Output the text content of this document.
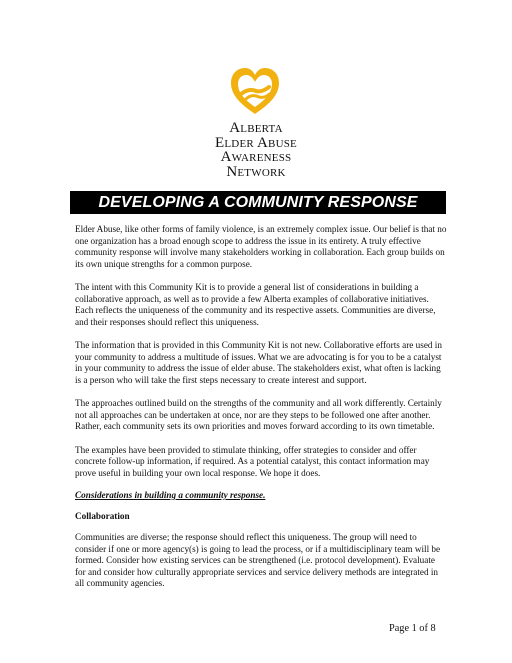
Alberta
Elder Abuse
Awareness
Network
DEVELOPING A COMMUNITY RESPONSE

Elder Abuse, like other forms of family violence, is an extremely complex issue. Our belief is that no one organization has a broad enough scope to address the issue in its entirety. A truly effective community response will involve many stakeholders working in collaboration. Each group builds on its own unique strengths for a common purpose.

The intent with this Community Kit is to provide a general list of considerations in building a collaborative approach, as well as to provide a few Alberta examples of collaborative initiatives. Each reflects the uniqueness of the community and its respective assets. Communities are diverse, and their responses should reflect this uniqueness.

The information that is provided in this Community Kit is not new. Collaborative efforts are used in your community to address a multitude of issues. What we are advocating is for you to be a catalyst in your community to address the issue of elder abuse. The stakeholders exist, what often is lacking is a person who will take the first steps necessary to create interest and support.

The approaches outlined build on the strengths of the community and all work differently. Certainly not all approaches can be undertaken at once, nor are they steps to be followed one after another. Rather, each community sets its own priorities and moves forward according to its own timetable.

The examples have been provided to stimulate thinking, offer strategies to consider and offer concrete follow-up information, if required. As a potential catalyst, this contact information may prove useful in building your own local response. We hope it does.

Considerations in building a community response.
Collaboration
Communities are diverse; the response should reflect this uniqueness. The group will need to consider if one or more agency(s) is going to lead the process, or if a multidisciplinary team will be formed. Consider how existing services can be strengthened (i.e. protocol development). Evaluate for and consider how culturally appropriate services and service delivery methods are integrated in all community agencies.
Page 1 of 8
